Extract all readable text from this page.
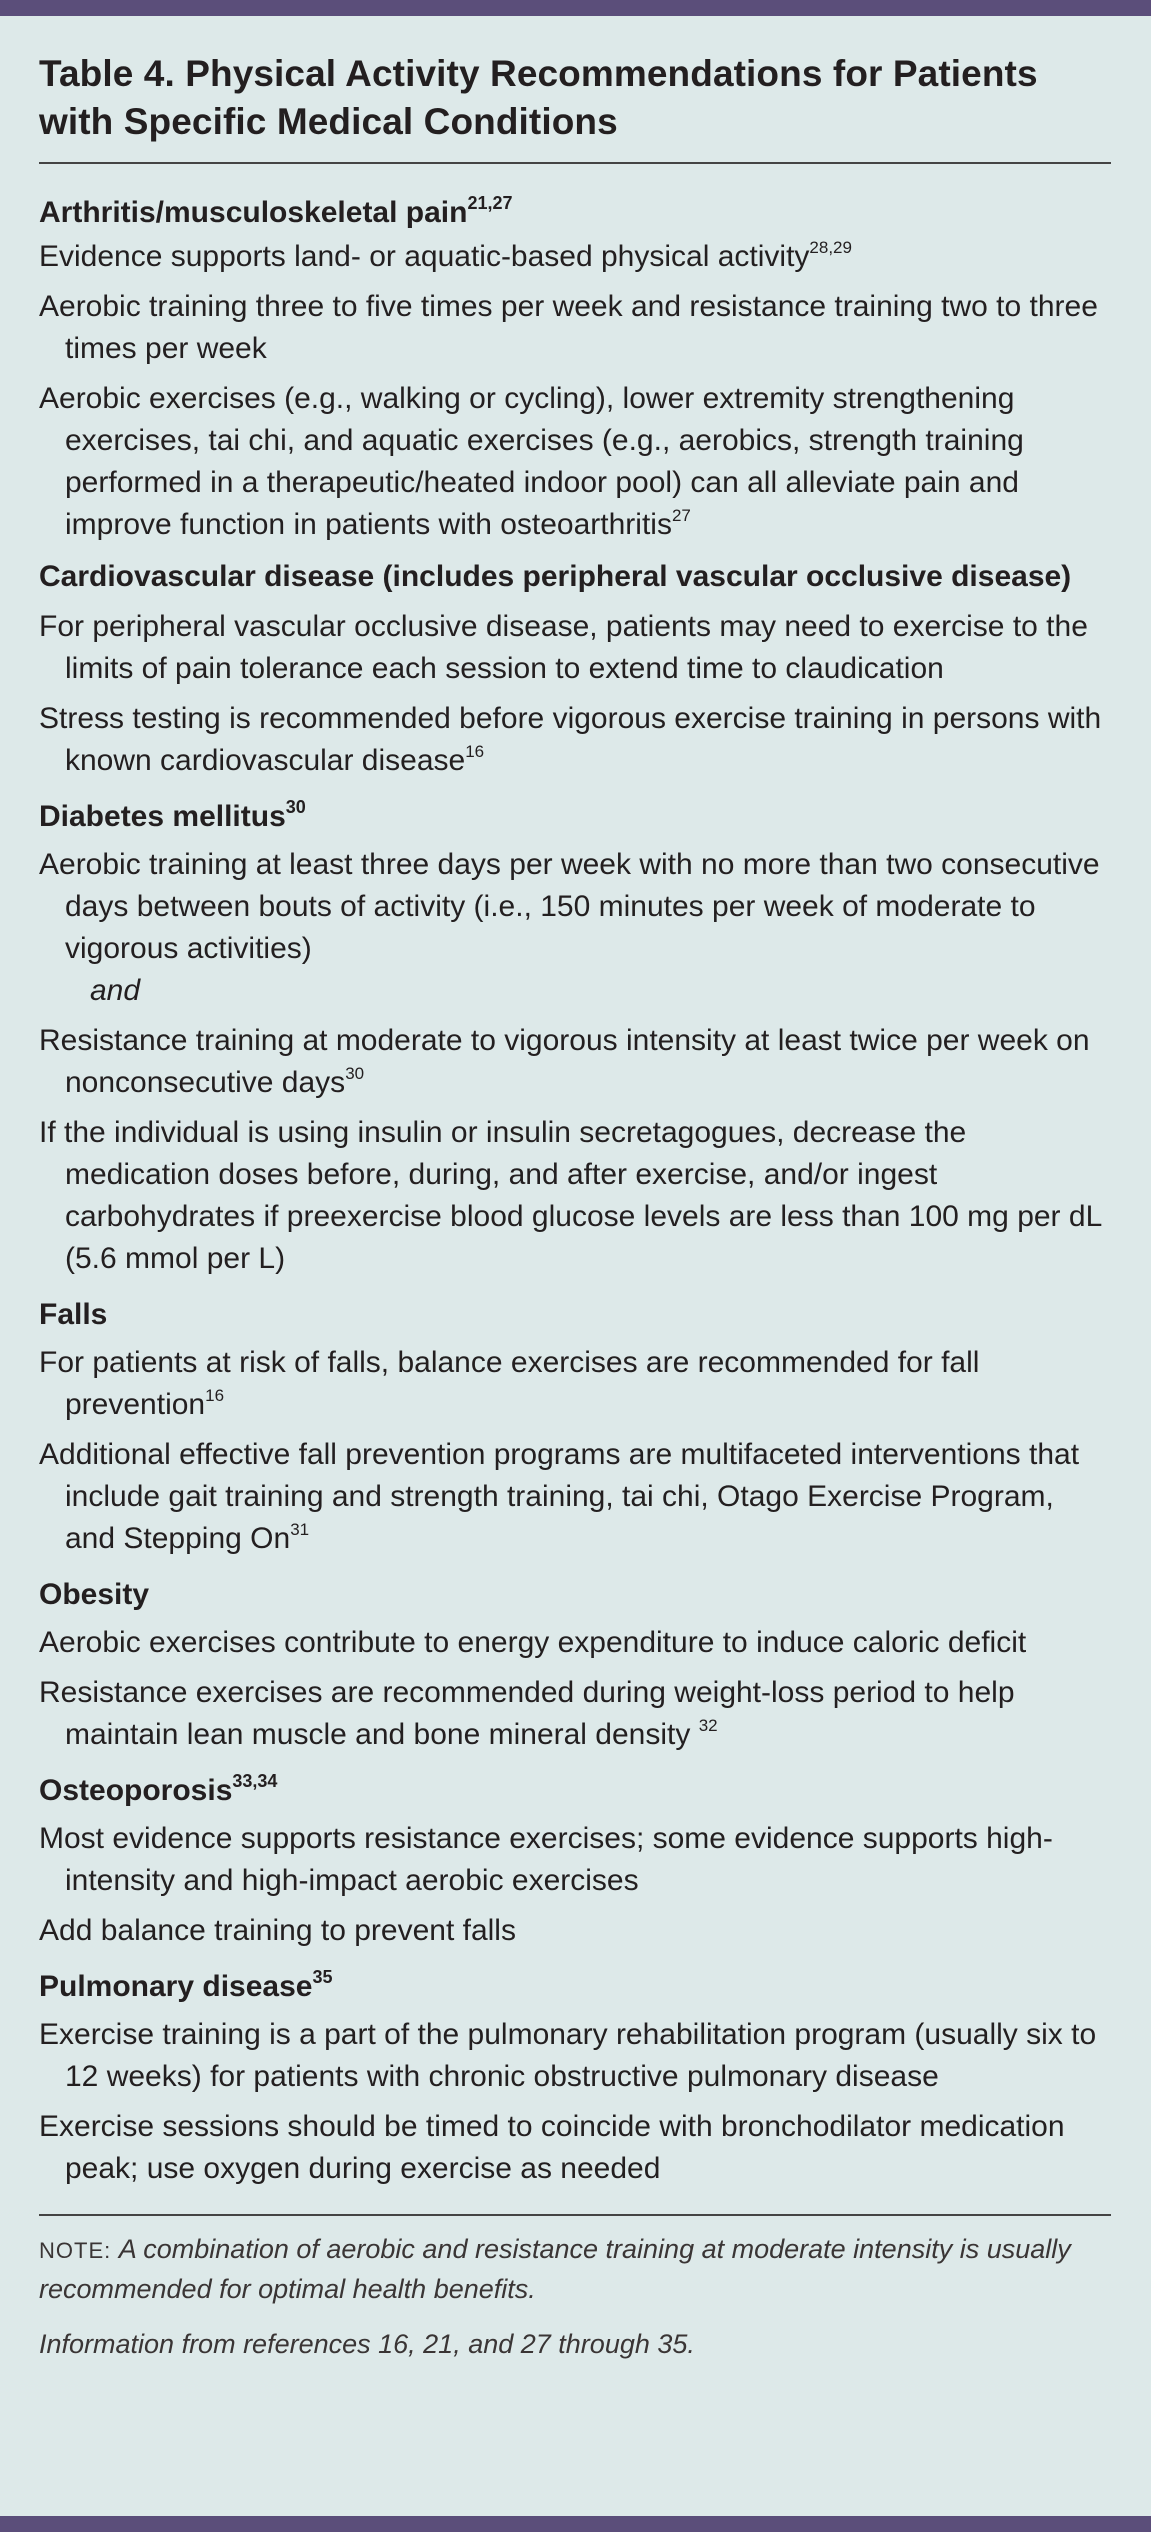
Table 4. Physical Activity Recommendations for Patients with Specific Medical Conditions

Arthritis/musculoskeletal pain$^{21,27}$

Evidence supports land- or aquatic-based physical activity$^{28,29}$

Aerobic training three to five times per week and resistance training two to three times per week

Aerobic exercises (e.g., walking or cycling), lower extremity strengthening exercises, tai chi, and aquatic exercises (e.g., aerobics, strength training performed in a therapeutic/heated indoor pool) can all alleviate pain and improve function in patients with osteoarthritis$^{27}$

Cardiovascular disease (includes peripheral vascular occlusive disease)

For peripheral vascular occlusive disease, patients may need to exercise to the limits of pain tolerance each session to extend time to claudication

Stress testing is recommended before vigorous exercise training in persons with known cardiovascular disease$^{16}$

Diabetes mellitus$^{30}$

Aerobic training at least three days per week with no more than two consecutive days between bouts of activity (i.e., 150 minutes per week of moderate to vigorous activities)

and

Resistance training at moderate to vigorous intensity at least twice per week on nonconsecutive days$^{30}$

If the individual is using insulin or insulin secretagogues, decrease the medication doses before, during, and after exercise, and/or ingest carbohydrates if preexercise blood glucose levels are less than 100 mg per dL (5.6 mmol per L)

Falls

For patients at risk of falls, balance exercises are recommended for fall prevention$^{16}$

Additional effective fall prevention programs are multifaceted interventions that include gait training and strength training, tai chi, Otago Exercise Program, and Stepping On$^{31}$

Obesity

Aerobic exercises contribute to energy expenditure to induce caloric deficit

Resistance exercises are recommended during weight-loss period to help maintain lean muscle and bone mineral density $^{32}$

Osteoporosis$^{33,34}$

Most evidence supports resistance exercises; some evidence supports high-intensity and high-impact aerobic exercises

Add balance training to prevent falls

Pulmonary disease$^{35}$

Exercise training is a part of the pulmonary rehabilitation program (usually six to 12 weeks) for patients with chronic obstructive pulmonary disease

Exercise sessions should be timed to coincide with bronchodilator medication peak; use oxygen during exercise as needed

NOTE: A combination of aerobic and resistance training at moderate intensity is usually recommended for optimal health benefits.

Information from references 16, 21, and 27 through 35.
